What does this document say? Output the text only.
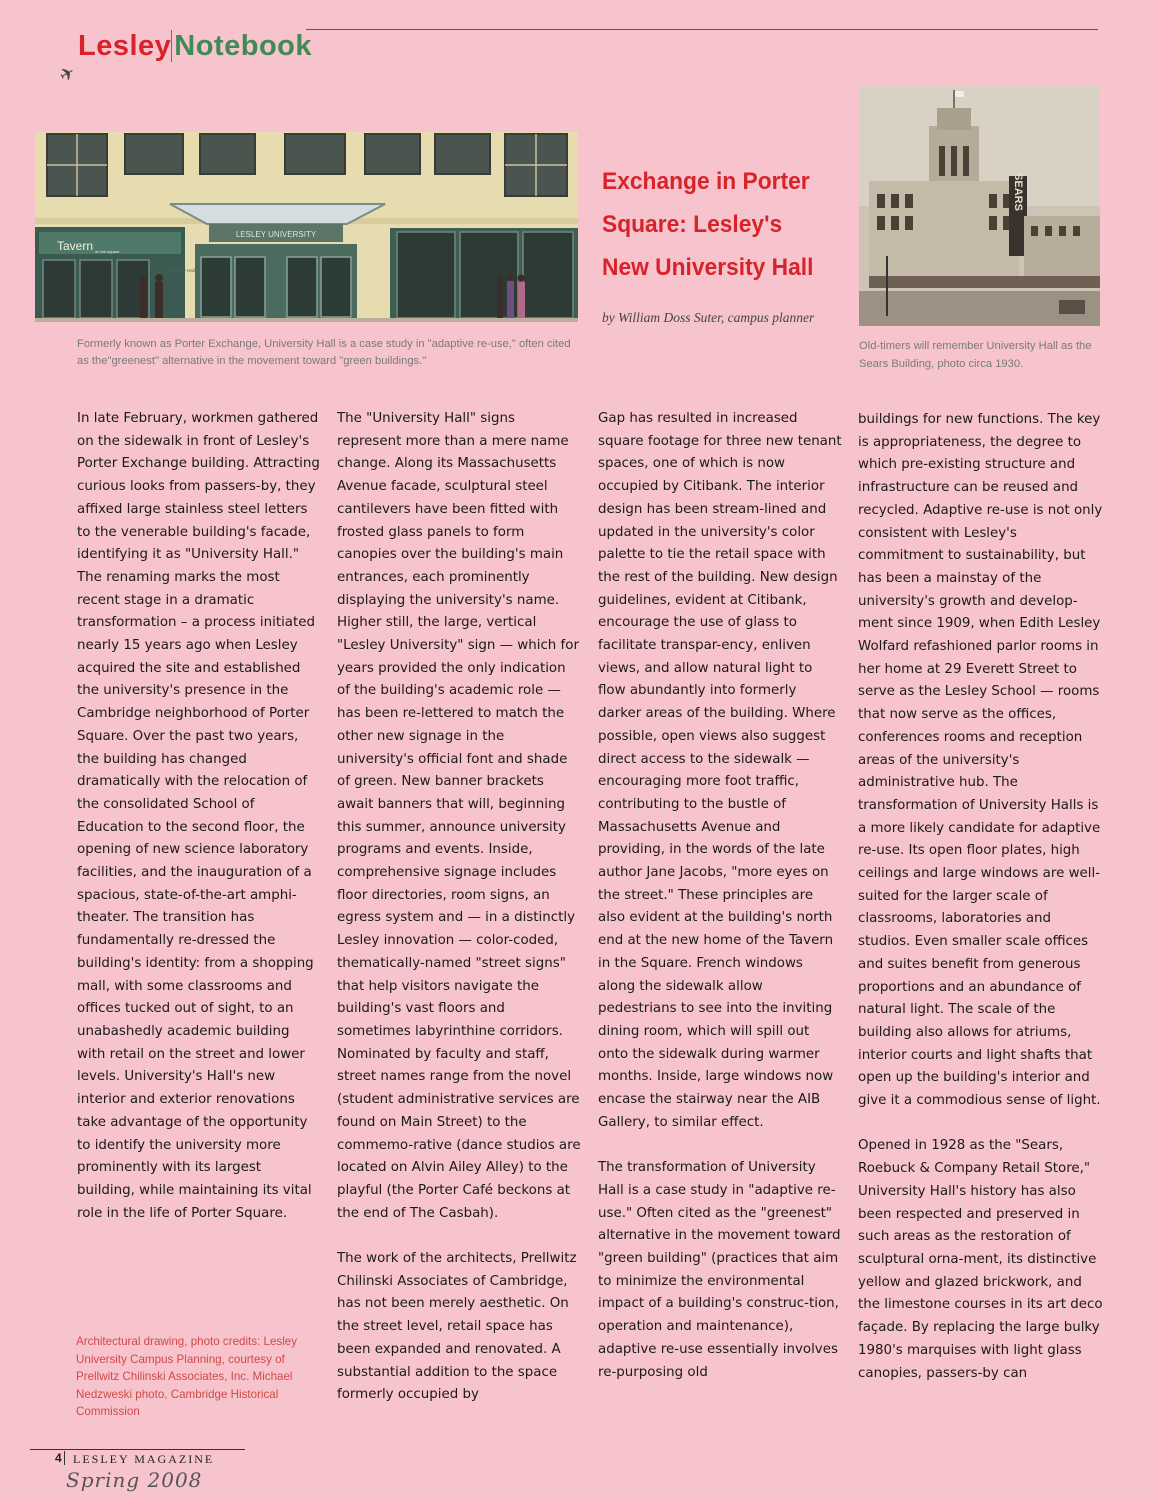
Lesley Notebook
✈
LESLEY UNIVERSITY
Tavern on the square
University Hall
Formerly known as Porter Exchange, University Hall is a case study in "adaptive re-use," often cited as the"greenest" alternative in the movement toward "green buildings."
Exchange in Porter Square: Lesley's New University Hall
by William Doss Suter, campus planner
SEARS
Old-timers will remember University Hall as the Sears Building, photo circa 1930.

In late February, workmen gathered on the sidewalk in front of Lesley's Porter Exchange building. Attracting curious looks from passers-by, they affixed large stainless steel letters to the venerable building's facade, identifying it as "University Hall." The renaming marks the most recent stage in a dramatic transformation – a process initiated nearly 15 years ago when Lesley acquired the site and established the university's presence in the Cambridge neighborhood of Porter Square. Over the past two years, the building has changed dramatically with the relocation of the consolidated School of Education to the second floor, the opening of new science laboratory facilities, and the inauguration of a spacious, state-of-the-art amphi-theater. The transition has fundamentally re-dressed the building's identity: from a shopping mall, with some classrooms and offices tucked out of sight, to an unabashedly academic building with retail on the street and lower levels. University's Hall's new interior and exterior renovations take advantage of the opportunity to identify the university more prominently with its largest building, while maintaining its vital role in the life of Porter Square.

The "University Hall" signs represent more than a mere name change. Along its Massachusetts Avenue facade, sculptural steel cantilevers have been fitted with frosted glass panels to form canopies over the building's main entrances, each prominently displaying the university's name. Higher still, the large, vertical "Lesley University" sign — which for years provided the only indication of the building's academic role — has been re-lettered to match the other new signage in the university's official font and shade of green. New banner brackets await banners that will, beginning this summer, announce university programs and events. Inside, comprehensive signage includes floor directories, room signs, an egress system and — in a distinctly Lesley innovation — color-coded, thematically-named "street signs" that help visitors navigate the building's vast floors and sometimes labyrinthine corridors. Nominated by faculty and staff, street names range from the novel (student administrative services are found on Main Street) to the commemo-rative (dance studios are located on Alvin Ailey Alley) to the playful (the Porter Café beckons at the end of The Casbah).

The work of the architects, Prellwitz Chilinski Associates of Cambridge, has not been merely aesthetic. On the street level, retail space has been expanded and renovated. A substantial addition to the space formerly occupied by

Gap has resulted in increased square footage for three new tenant spaces, one of which is now occupied by Citibank. The interior design has been stream-lined and updated in the university's color palette to tie the retail space with the rest of the building. New design guidelines, evident at Citibank, encourage the use of glass to facilitate transpar-ency, enliven views, and allow natural light to flow abundantly into formerly darker areas of the building. Where possible, open views also suggest direct access to the sidewalk — encouraging more foot traffic, contributing to the bustle of Massachusetts Avenue and providing, in the words of the late author Jane Jacobs, "more eyes on the street." These principles are also evident at the building's north end at the new home of the Tavern in the Square. French windows along the sidewalk allow pedestrians to see into the inviting dining room, which will spill out onto the sidewalk during warmer months. Inside, large windows now encase the stairway near the AIB Gallery, to similar effect.

The transformation of University Hall is a case study in "adaptive re-use." Often cited as the "greenest" alternative in the movement toward "green building" (practices that aim to minimize the environmental impact of a building's construc-tion, operation and maintenance), adaptive re-use essentially involves re-purposing old

buildings for new functions. The key is appropriateness, the degree to which pre-existing structure and infrastructure can be reused and recycled. Adaptive re-use is not only consistent with Lesley's commitment to sustainability, but has been a mainstay of the university's growth and develop-ment since 1909, when Edith Lesley Wolfard refashioned parlor rooms in her home at 29 Everett Street to serve as the Lesley School — rooms that now serve as the offices, conferences rooms and reception areas of the university's administrative hub. The transformation of University Halls is a more likely candidate for adaptive re-use. Its open floor plates, high ceilings and large windows are well-suited for the larger scale of classrooms, laboratories and studios. Even smaller scale offices and suites benefit from generous proportions and an abundance of natural light. The scale of the building also allows for atriums, interior courts and light shafts that open up the building's interior and give it a commodious sense of light.

Opened in 1928 as the "Sears, Roebuck & Company Retail Store," University Hall's history has also been respected and preserved in such areas as the restoration of sculptural orna-ment, its distinctive yellow and glazed brickwork, and the limestone courses in its art deco façade. By replacing the large bulky 1980's marquises with light glass canopies, passers-by can

Architectural drawing, photo credits: Lesley University Campus Planning, courtesy of Prellwitz Chilinski Associates, Inc. Michael Nedzweski photo, Cambridge Historical Commission
4 LESLEY MAGAZINE
Spring 2008
